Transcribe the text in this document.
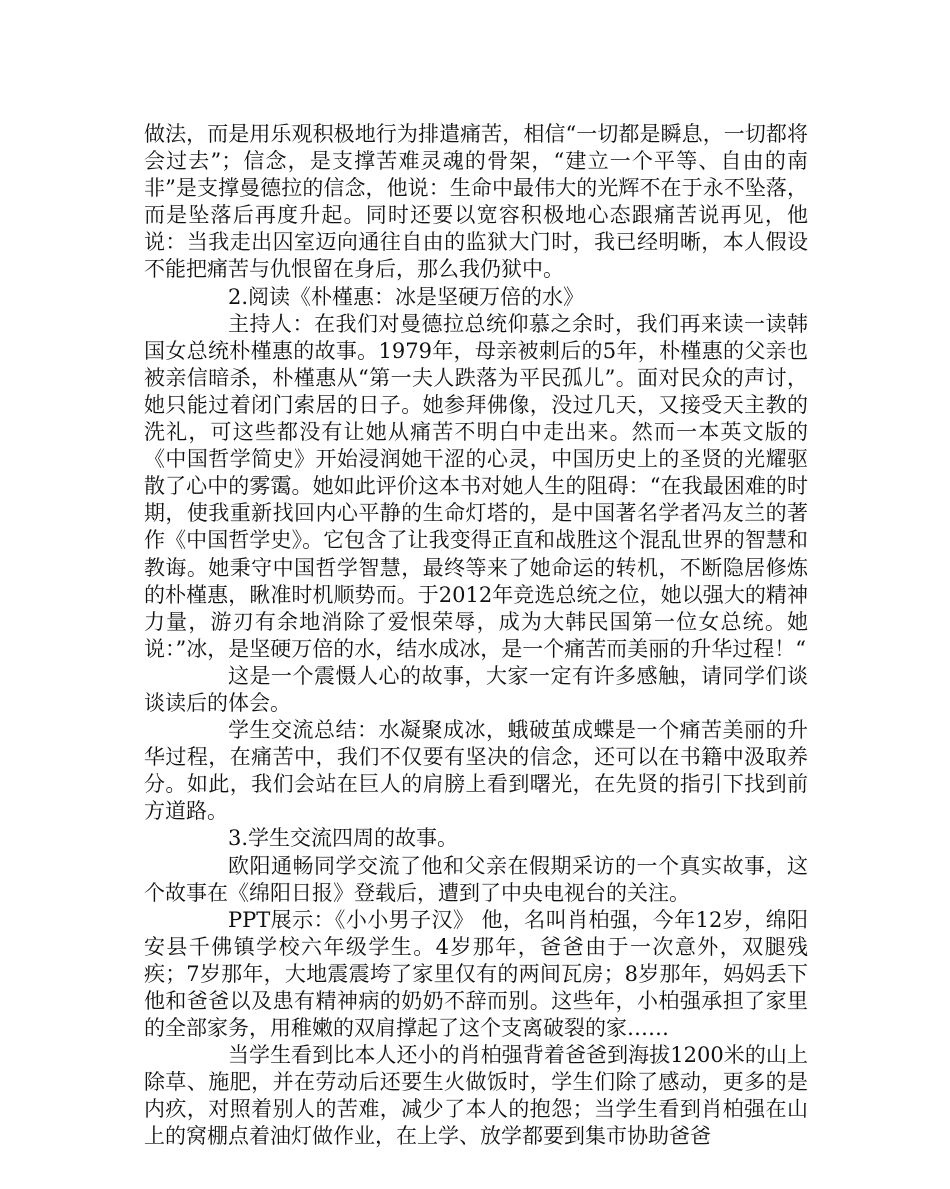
做法，而是用乐观积极地行为排遣痛苦，相信“一切都是瞬息，一切都将会过去”；信念，是支撑苦难灵魂的骨架，“建立一个平等、自由的南非”是支撑曼德拉的信念，他说：生命中最伟大的光辉不在于永不坠落，而是坠落后再度升起。同时还要以宽容积极地心态跟痛苦说再见，他说：当我走出囚室迈向通往自由的监狱大门时，我已经明晰，本人假设不能把痛苦与仇恨留在身后，那么我仍狱中。

2.阅读《朴槿惠：冰是坚硬万倍的水》

主持人：在我们对曼德拉总统仰慕之余时，我们再来读一读韩国女总统朴槿惠的故事。1979年，母亲被刺后的5年，朴槿惠的父亲也被亲信暗杀，朴槿惠从“第一夫人跌落为平民孤儿”。面对民众的声讨，她只能过着闭门索居的日子。她参拜佛像，没过几天，又接受天主教的洗礼，可这些都没有让她从痛苦不明白中走出来。然而一本英文版的《中国哲学简史》开始浸润她干涩的心灵，中国历史上的圣贤的光耀驱散了心中的雾霭。她如此评价这本书对她人生的阻碍：“在我最困难的时期，使我重新找回内心平静的生命灯塔的，是中国著名学者冯友兰的著作《中国哲学史》。它包含了让我变得正直和战胜这个混乱世界的智慧和教诲。她秉守中国哲学智慧，最终等来了她命运的转机，不断隐居修炼的朴槿惠，瞅准时机顺势而。于2012年竞选总统之位，她以强大的精神力量，游刃有余地消除了爱恨荣辱，成为大韩民国第一位女总统。她说：”冰，是坚硬万倍的水，结水成冰，是一个痛苦而美丽的升华过程！“

这是一个震慑人心的故事，大家一定有许多感触，请同学们谈谈读后的体会。

学生交流总结：水凝聚成冰，蛾破茧成蝶是一个痛苦美丽的升华过程，在痛苦中，我们不仅要有坚决的信念，还可以在书籍中汲取养分。如此，我们会站在巨人的肩膀上看到曙光，在先贤的指引下找到前方道路。

3.学生交流四周的故事。

欧阳通畅同学交流了他和父亲在假期采访的一个真实故事，这个故事在《绵阳日报》登载后，遭到了中央电视台的关注。

PPT展示：《小小男子汉》 他，名叫肖柏强，今年12岁，绵阳安县千佛镇学校六年级学生。4岁那年，爸爸由于一次意外，双腿残疾；7岁那年，大地震震垮了家里仅有的两间瓦房；8岁那年，妈妈丢下他和爸爸以及患有精神病的奶奶不辞而别。这些年，小柏强承担了家里的全部家务，用稚嫩的双肩撑起了这个支离破裂的家……

当学生看到比本人还小的肖柏强背着爸爸到海拔1200米的山上除草、施肥，并在劳动后还要生火做饭时，学生们除了感动，更多的是内疚，对照着别人的苦难，减少了本人的抱怨；当学生看到肖柏强在山上的窝棚点着油灯做作业，在上学、放学都要到集市协助爸爸
